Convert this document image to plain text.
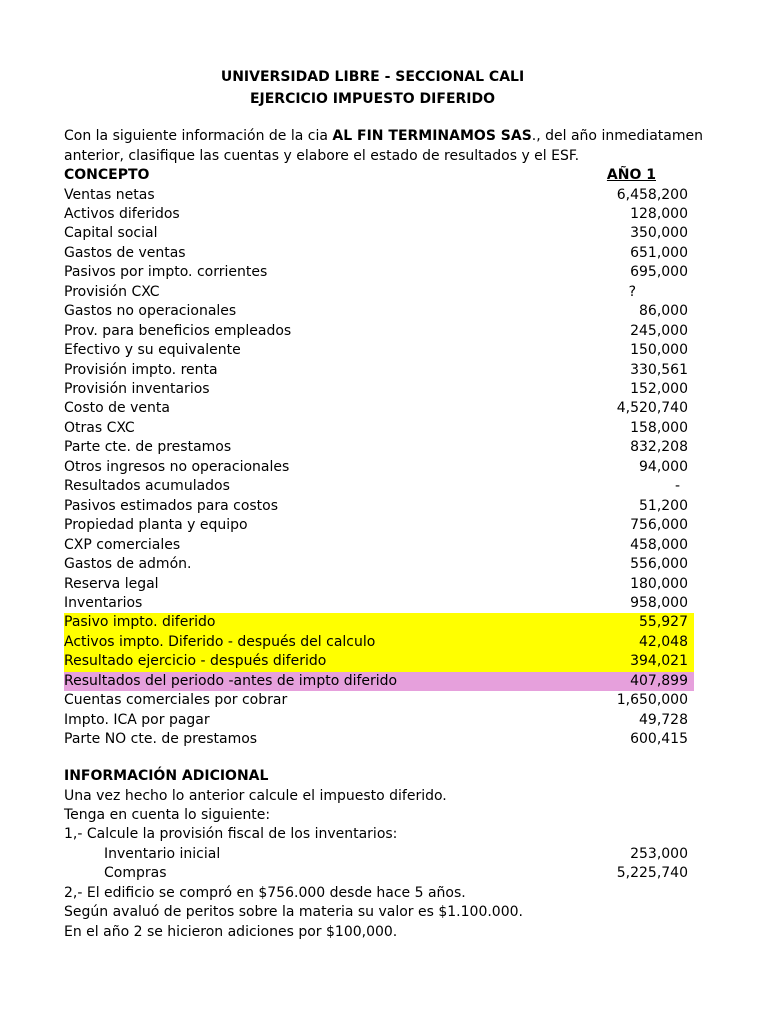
UNIVERSIDAD LIBRE - SECCIONAL CALI
EJERCICIO IMPUESTO DIFERIDO
Con la siguiente información de la cia AL FIN TERMINAMOS SAS., del año inmediatamen
anterior, clasifique las cuentas y elabore el estado de resultados y el ESF.
CONCEPTO	AÑO 1
Ventas netas	6,458,200
Activos diferidos	128,000
Capital social	350,000
Gastos de ventas	651,000
Pasivos por impto. corrientes	695,000
Provisión CXC	?
Gastos no operacionales	86,000
Prov. para beneficios empleados	245,000
Efectivo y su equivalente	150,000
Provisión impto. renta	330,561
Provisión inventarios	152,000
Costo de venta	4,520,740
Otras CXC	158,000
Parte cte. de prestamos	832,208
Otros ingresos no operacionales	94,000
Resultados acumulados	-
Pasivos estimados para costos	51,200
Propiedad planta y equipo	756,000
CXP comerciales	458,000
Gastos de admón.	556,000
Reserva legal	180,000
Inventarios	958,000
Pasivo impto. diferido	55,927
Activos impto. Diferido - después del calculo	42,048
Resultado ejercicio - después diferido	394,021
Resultados del periodo -antes de impto diferido	407,899
Cuentas comerciales por cobrar	1,650,000
Impto. ICA por pagar	49,728
Parte NO cte. de prestamos	600,415
INFORMACIÓN ADICIONAL
Una vez hecho lo anterior calcule el impuesto diferido.
Tenga en cuenta lo siguiente:
1,- Calcule la provisión fiscal de los inventarios:
Inventario inicial	253,000
Compras	5,225,740
2,- El edificio se compró en $756.000 desde hace 5 años.
Según avaluó de peritos sobre la materia su valor es $1.100.000.
En el año 2 se hicieron adiciones por $100,000.
